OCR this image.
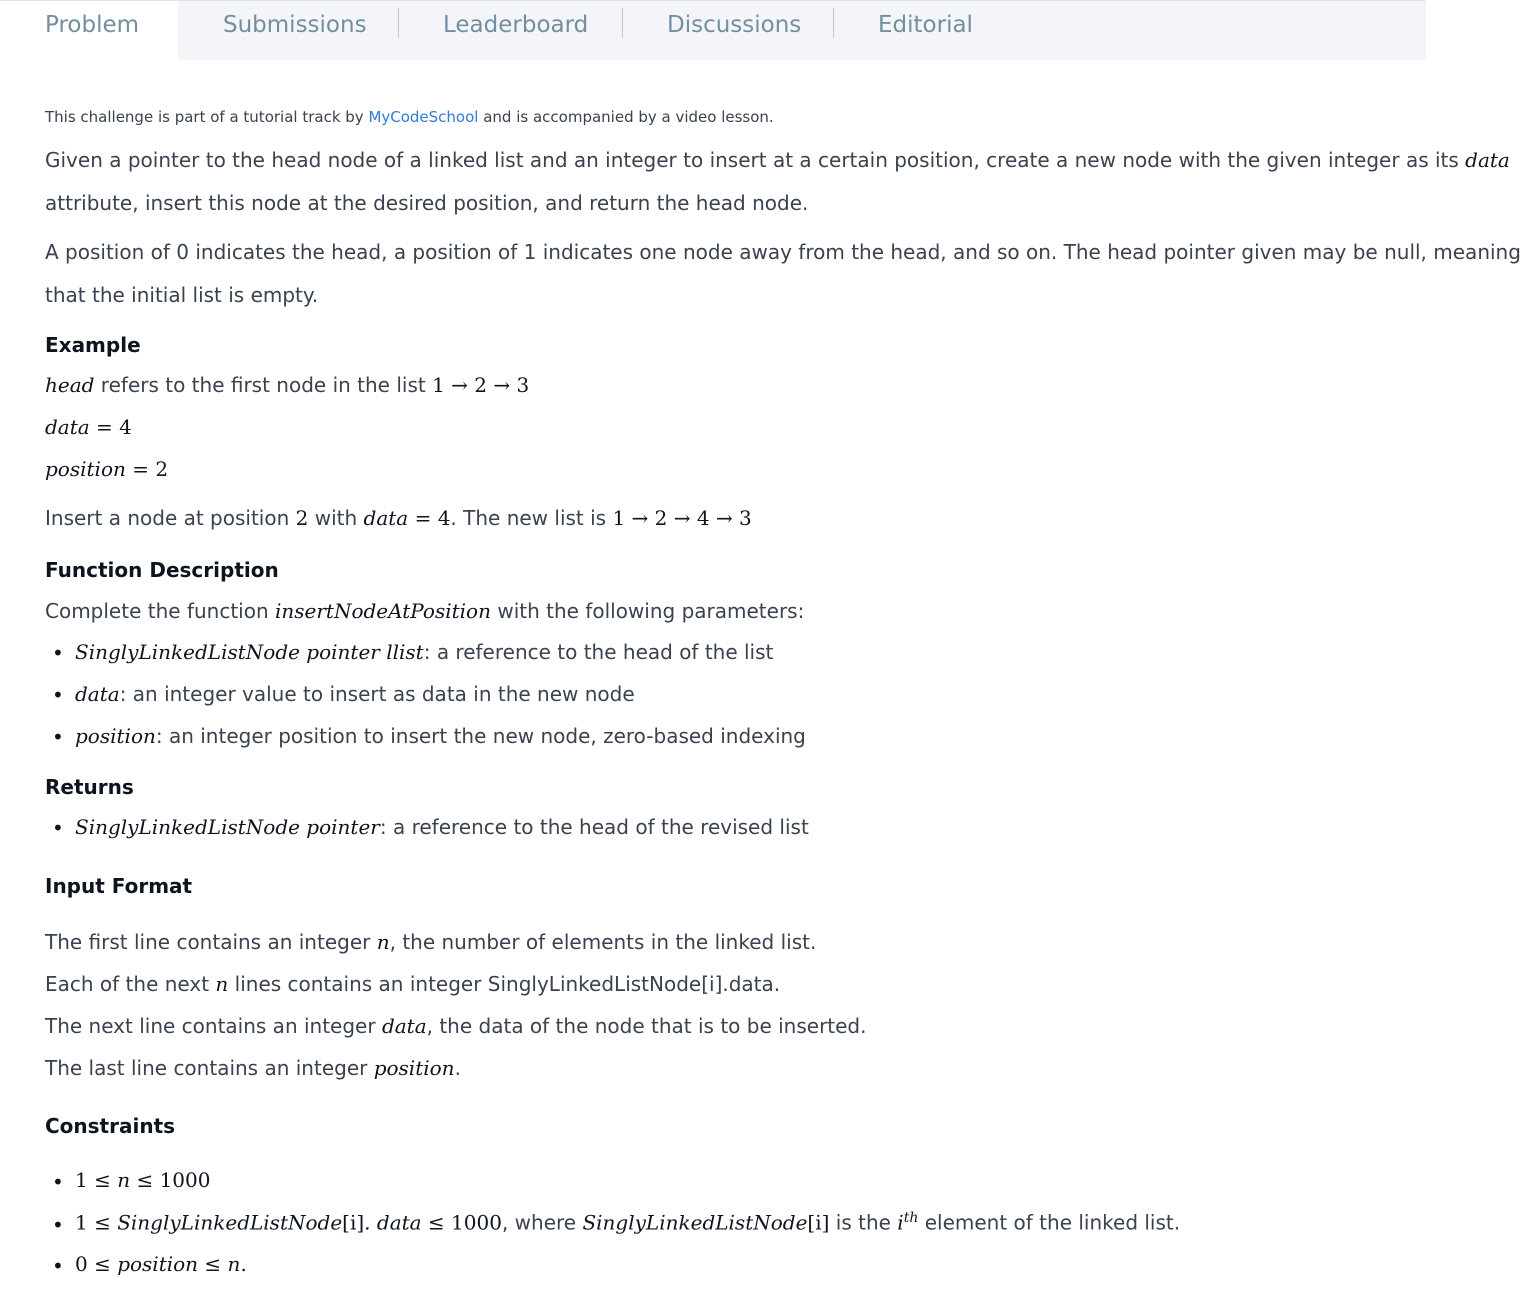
Problem	Submissions	Leaderboard	Discussions	Editorial
This challenge is part of a tutorial track by MyCodeSchool and is accompanied by a video lesson.
Given a pointer to the head node of a linked list and an integer to insert at a certain position, create a new node with the given integer as its data
attribute, insert this node at the desired position, and return the head node.
A position of 0 indicates the head, a position of 1 indicates one node away from the head, and so on. The head pointer given may be null, meaning
that the initial list is empty.
Example
head refers to the first node in the list 1 → 2 → 3
data = 4
position = 2
Insert a node at position 2 with data = 4. The new list is 1 → 2 → 4 → 3
Function Description
Complete the function insertNodeAtPosition with the following parameters:
• SinglyLinkedListNode pointer llist: a reference to the head of the list
• data: an integer value to insert as data in the new node
• position: an integer position to insert the new node, zero-based indexing
Returns
• SinglyLinkedListNode pointer: a reference to the head of the revised list
Input Format
The first line contains an integer n, the number of elements in the linked list.
Each of the next n lines contains an integer SinglyLinkedListNode[i].data.
The next line contains an integer data, the data of the node that is to be inserted.
The last line contains an integer position.
Constraints
• 1 ≤ n ≤ 1000
• 1 ≤ SinglyLinkedListNode[i]. data ≤ 1000, where SinglyLinkedListNode[i] is the $i^{th}$ element of the linked list.
• 0 ≤ position ≤ n.
